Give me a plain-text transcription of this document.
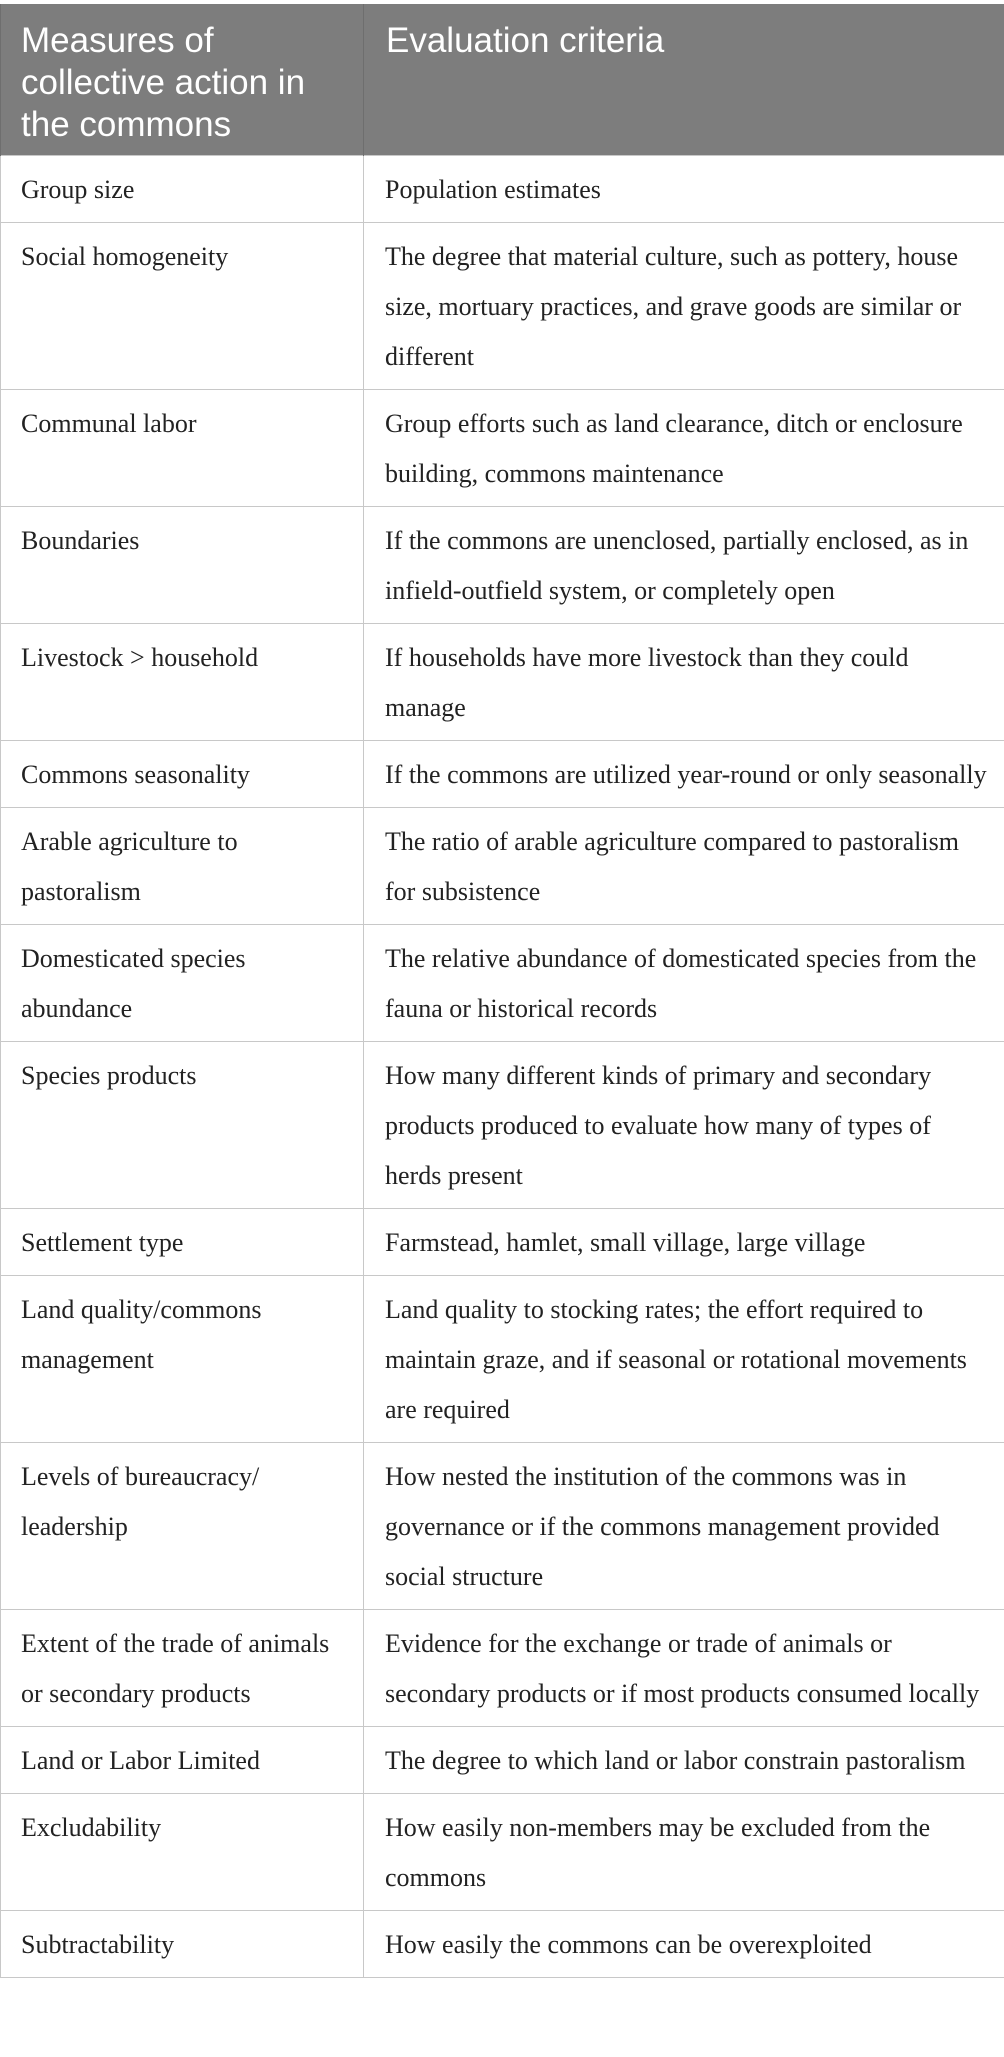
Measures of collective action in the commons	Evaluation criteria
Group size	Population estimates
Social homogeneity	The degree that material culture, such as pottery, house size, mortuary practices, and grave goods are similar or different
Communal labor	Group efforts such as land clearance, ditch or enclosure building, commons maintenance
Boundaries	If the commons are unenclosed, partially enclosed, as in infield-outfield system, or completely open
Livestock > household	If households have more livestock than they could manage
Commons seasonality	If the commons are utilized year-round or only seasonally
Arable agriculture to pastoralism	The ratio of arable agriculture compared to pastoralism for subsistence
Domesticated species abundance	The relative abundance of domesticated species from the fauna or historical records
Species products	How many different kinds of primary and secondary products produced to evaluate how many of types of herds present
Settlement type	Farmstead, hamlet, small village, large village
Land quality/commons management	Land quality to stocking rates; the effort required to maintain graze, and if seasonal or rotational movements are required
Levels of bureaucracy/ leadership	How nested the institution of the commons was in governance or if the commons management provided social structure
Extent of the trade of animals or secondary products	Evidence for the exchange or trade of animals or secondary products or if most products consumed locally
Land or Labor Limited	The degree to which land or labor constrain pastoralism
Excludability	How easily non-members may be excluded from the commons
Subtractability	How easily the commons can be overexploited
